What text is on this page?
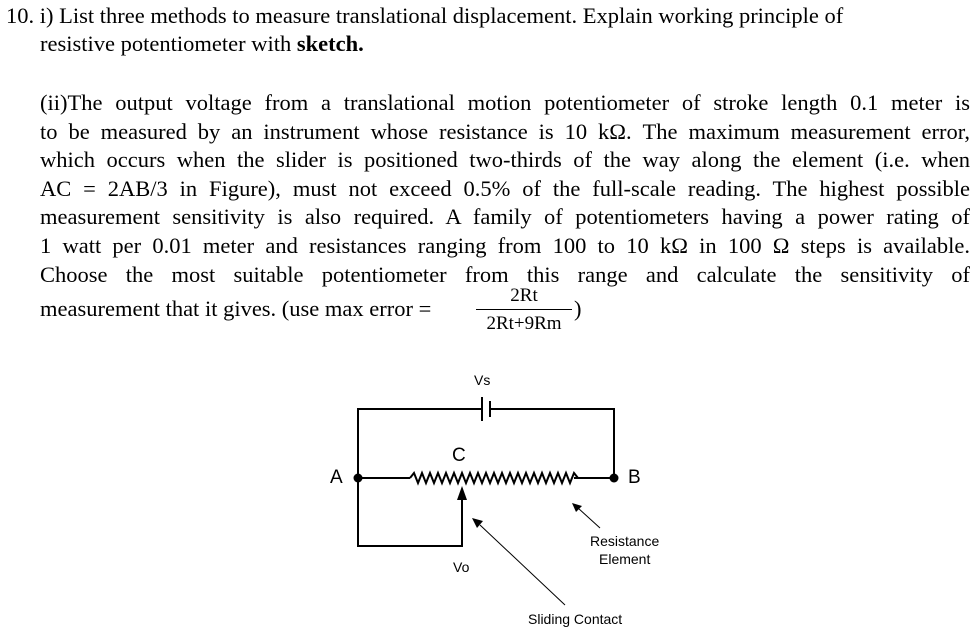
10. i) List three methods to measure translational displacement. Explain working principle of
resistive potentiometer with sketch.
(ii)The output voltage from a translational motion potentiometer of stroke length 0.1 meter is
to be measured by an instrument whose resistance is 10 kΩ. The maximum measurement error,
which occurs when the slider is positioned two-thirds of the way along the element (i.e. when
AC = 2AB/3 in Figure), must not exceed 0.5% of the full-scale reading. The highest possible
measurement sensitivity is also required. A family of potentiometers having a power rating of
1 watt per 0.01 meter and resistances ranging from 100 to 10 kΩ in 100 Ω steps is available.
Choose the most suitable potentiometer from this range and calculate the sensitivity of
measurement that it gives. (use max error =
2Rt
2Rt+9Rm
)
Vs
C
A	B
Vo
Resistance
Element
Sliding Contact
